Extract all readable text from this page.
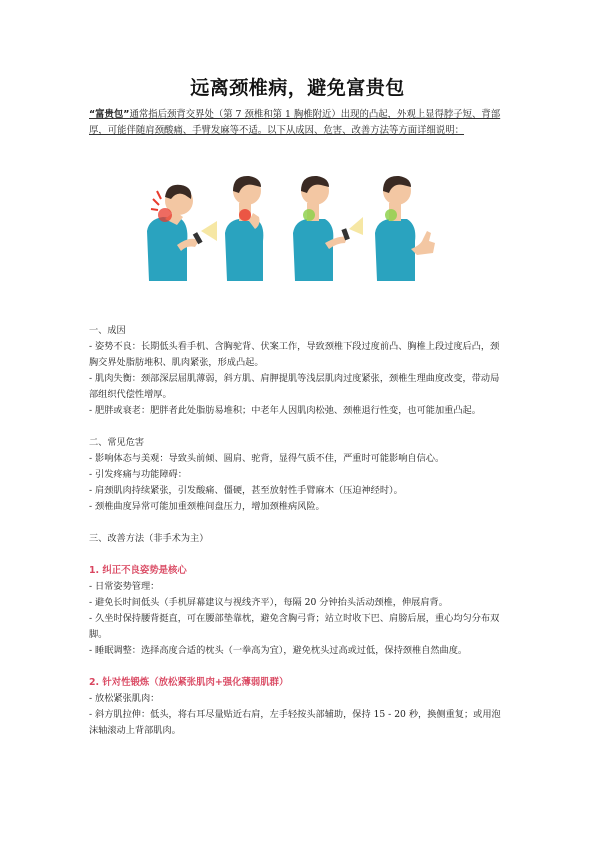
远离颈椎病，避免富贵包

“富贵包”通常指后颈背交界处（第 7 颈椎和第 1 胸椎附近）出现的凸起，外观上显得脖子短、背部厚，可能伴随肩颈酸痛、手臂发麻等不适。以下从成因、危害、改善方法等方面详细说明：

一、成因

- 姿势不良：长期低头看手机、含胸驼背、伏案工作，导致颈椎下段过度前凸、胸椎上段过度后凸，颈胸交界处脂肪堆积、肌肉紧张，形成凸起。

- 肌肉失衡：颈部深层屈肌薄弱，斜方肌、肩胛提肌等浅层肌肉过度紧张，颈椎生理曲度改变，带动局部组织代偿性增厚。

- 肥胖或衰老：肥胖者此处脂肪易堆积；中老年人因肌肉松弛、颈椎退行性变，也可能加重凸起。

二、常见危害

- 影响体态与美观：导致头前倾、圆肩、驼背，显得气质不佳，严重时可能影响自信心。

- 引发疼痛与功能障碍：

- 肩颈肌肉持续紧张，引发酸痛、僵硬，甚至放射性手臂麻木（压迫神经时）。

- 颈椎曲度异常可能加重颈椎间盘压力，增加颈椎病风险。

三、改善方法（非手术为主）

1. 纠正不良姿势是核心

- 日常姿势管理：

- 避免长时间低头（手机屏幕建议与视线齐平），每隔 20 分钟抬头活动颈椎，伸展肩背。

- 久坐时保持腰背挺直，可在腰部垫靠枕，避免含胸弓背；站立时收下巴、肩膀后展，重心均匀分布双脚。

- 睡眠调整：选择高度合适的枕头（一拳高为宜），避免枕头过高或过低，保持颈椎自然曲度。

2. 针对性锻炼（放松紧张肌肉+强化薄弱肌群）

- 放松紧张肌肉：

- 斜方肌拉伸：低头，将右耳尽量贴近右肩，左手轻按头部辅助，保持 15 - 20 秒，换侧重复；或用泡沫轴滚动上背部肌肉。
